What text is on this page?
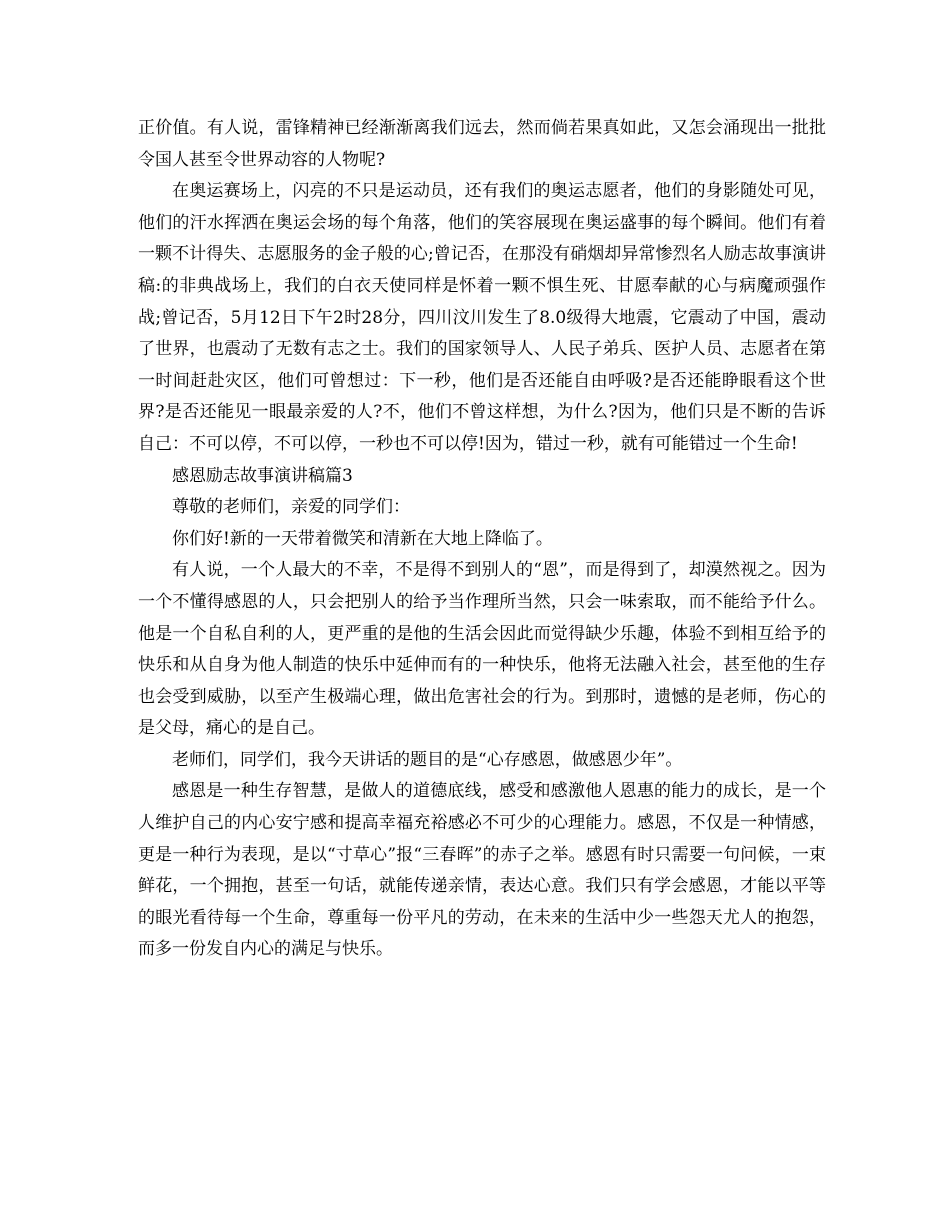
正价值。有人说，雷锋精神已经渐渐离我们远去，然而倘若果真如此，又怎会涌现出一批批令国人甚至令世界动容的人物呢?

在奥运赛场上，闪亮的不只是运动员，还有我们的奥运志愿者，他们的身影随处可见，他们的汗水挥洒在奥运会场的每个角落，他们的笑容展现在奥运盛事的每个瞬间。他们有着一颗不计得失、志愿服务的金子般的心;曾记否，在那没有硝烟却异常惨烈名人励志故事演讲稿:的非典战场上，我们的白衣天使同样是怀着一颗不惧生死、甘愿奉献的心与病魔顽强作战;曾记否，5月12日下午2时28分，四川汶川发生了8.0级得大地震，它震动了中国，震动了世界，也震动了无数有志之士。我们的国家领导人、人民子弟兵、医护人员、志愿者在第一时间赶赴灾区，他们可曾想过：下一秒，他们是否还能自由呼吸?是否还能睁眼看这个世界?是否还能见一眼最亲爱的人?不，他们不曾这样想，为什么?因为，他们只是不断的告诉自己：不可以停，不可以停，一秒也不可以停!因为，错过一秒，就有可能错过一个生命!

感恩励志故事演讲稿篇3

尊敬的老师们，亲爱的同学们：

你们好!新的一天带着微笑和清新在大地上降临了。

有人说，一个人最大的不幸，不是得不到别人的“恩”，而是得到了，却漠然视之。因为一个不懂得感恩的人，只会把别人的给予当作理所当然，只会一味索取，而不能给予什么。他是一个自私自利的人，更严重的是他的生活会因此而觉得缺少乐趣，体验不到相互给予的快乐和从自身为他人制造的快乐中延伸而有的一种快乐，他将无法融入社会，甚至他的生存也会受到威胁，以至产生极端心理，做出危害社会的行为。到那时，遗憾的是老师，伤心的是父母，痛心的是自己。

老师们，同学们，我今天讲话的题目的是“心存感恩，做感恩少年”。

感恩是一种生存智慧，是做人的道德底线，感受和感激他人恩惠的能力的成长，是一个人维护自己的内心安宁感和提高幸福充裕感必不可少的心理能力。感恩，不仅是一种情感，更是一种行为表现，是以“寸草心”报“三春晖”的赤子之举。感恩有时只需要一句问候，一束鲜花，一个拥抱，甚至一句话，就能传递亲情，表达心意。我们只有学会感恩，才能以平等的眼光看待每一个生命，尊重每一份平凡的劳动，在未来的生活中少一些怨天尤人的抱怨，而多一份发自内心的满足与快乐。
